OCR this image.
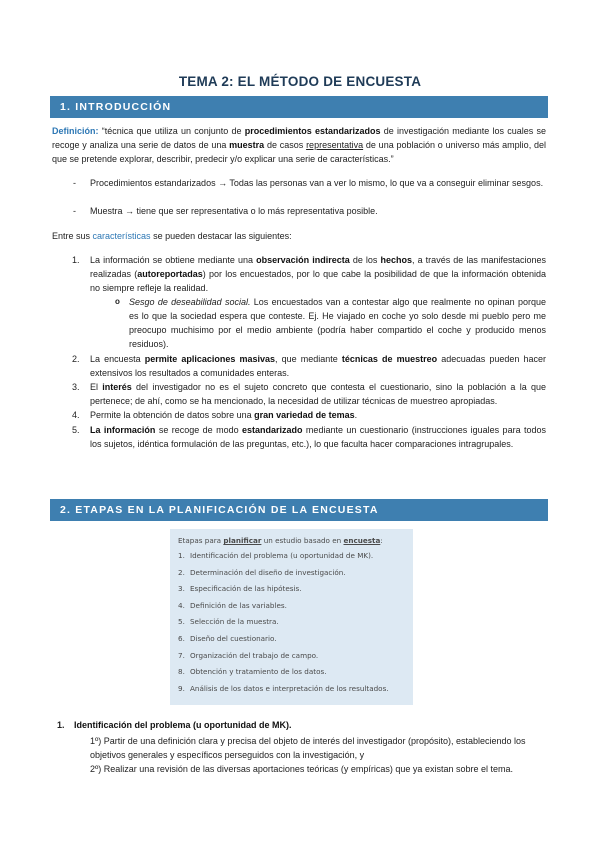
TEMA 2: EL MÉTODO DE ENCUESTA
1. INTRODUCCIÓN
Definición: “técnica que utiliza un conjunto de procedimientos estandarizados de investigación mediante los cuales se recoge y analiza una serie de datos de una muestra de casos representativa de una población o universo más amplio, del que se pretende explorar, describir, predecir y/o explicar una serie de características.”
- Procedimientos estandarizados → Todas las personas van a ver lo mismo, lo que va a conseguir eliminar sesgos.
- Muestra → tiene que ser representativa o lo más representativa posible.
Entre sus características se pueden destacar las siguientes:
1. La información se obtiene mediante una observación indirecta de los hechos, a través de las manifestaciones realizadas (autoreportadas) por los encuestados, por lo que cabe la posibilidad de que la información obtenida no siempre refleje la realidad.
o Sesgo de deseabilidad social. Los encuestados van a contestar algo que realmente no opinan porque es lo que la sociedad espera que conteste. Ej. He viajado en coche yo solo desde mi pueblo pero me preocupo muchisimo por el medio ambiente (podría haber compartido el coche y producido menos residuos).
2. La encuesta permite aplicaciones masivas, que mediante técnicas de muestreo adecuadas pueden hacer extensivos los resultados a comunidades enteras.
3. El interés del investigador no es el sujeto concreto que contesta el cuestionario, sino la población a la que pertenece; de ahí, como se ha mencionado, la necesidad de utilizar técnicas de muestreo apropiadas.
4. Permite la obtención de datos sobre una gran variedad de temas.
5. La información se recoge de modo estandarizado mediante un cuestionario (instrucciones iguales para todos los sujetos, idéntica formulación de las preguntas, etc.), lo que faculta hacer comparaciones intragrupales.
2. ETAPAS EN LA PLANIFICACIÓN DE LA ENCUESTA
Etapas para planificar un estudio basado en encuesta:
1. Identificación del problema (u oportunidad de MK).
2. Determinación del diseño de investigación.
3. Especificación de las hipótesis.
4. Definición de las variables.
5. Selección de la muestra.
6. Diseño del cuestionario.
7. Organización del trabajo de campo.
8. Obtención y tratamiento de los datos.
9. Análisis de los datos e interpretación de los resultados.
1. Identificación del problema (u oportunidad de MK).
1º) Partir de una definición clara y precisa del objeto de interés del investigador (propósito), estableciendo los objetivos generales y específicos perseguidos con la investigación, y
2º) Realizar una revisión de las diversas aportaciones teóricas (y empíricas) que ya existan sobre el tema.
